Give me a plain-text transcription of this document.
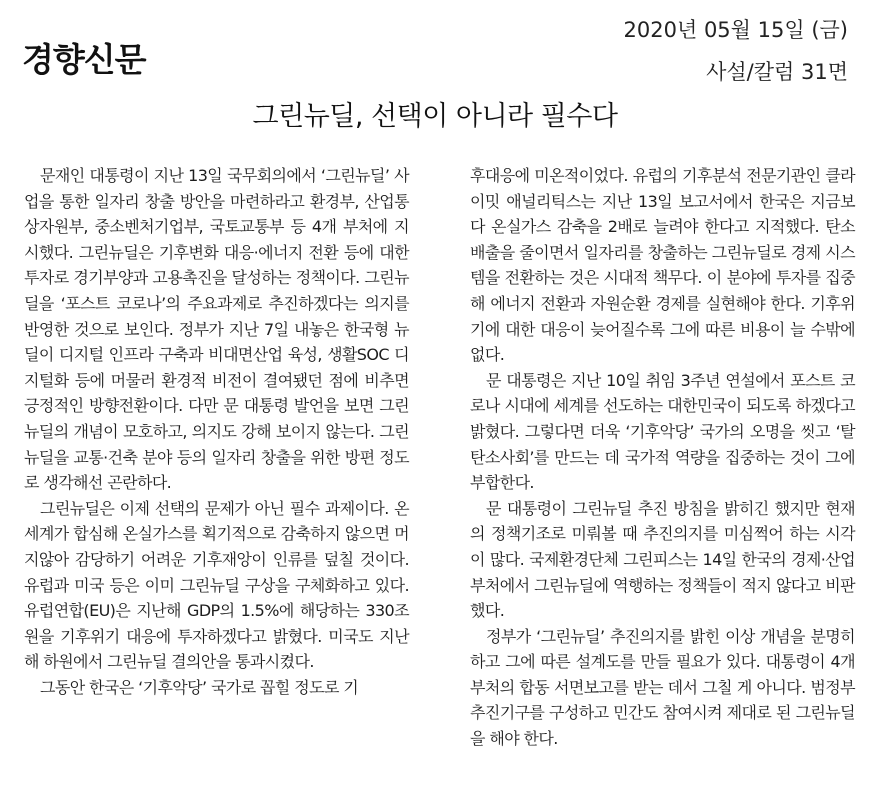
경향신문
2020년 05월 15일 (금)
사설/칼럼 31면
그린뉴딜, 선택이 아니라 필수다

문재인 대통령이 지난 13일 국무회의에서 ‘그린뉴딜’ 사업을 통한 일자리 창출 방안을 마련하라고 환경부, 산업통상자원부, 중소벤처기업부, 국토교통부 등 4개 부처에 지시했다. 그린뉴딜은 기후변화 대응·에너지 전환 등에 대한 투자로 경기부양과 고용촉진을 달성하는 정책이다. 그린뉴딜을 ‘포스트 코로나’의 주요과제로 추진하겠다는 의지를 반영한 것으로 보인다. 정부가 지난 7일 내놓은 한국형 뉴딜이 디지털 인프라 구축과 비대면산업 육성, 생활SOC 디지털화 등에 머물러 환경적 비전이 결여됐던 점에 비추면 긍정적인 방향전환이다. 다만 문 대통령 발언을 보면 그린뉴딜의 개념이 모호하고, 의지도 강해 보이지 않는다. 그린뉴딜을 교통·건축 분야 등의 일자리 창출을 위한 방편 정도로 생각해선 곤란하다.

그린뉴딜은 이제 선택의 문제가 아닌 필수 과제이다. 온 세계가 합심해 온실가스를 획기적으로 감축하지 않으면 머지않아 감당하기 어려운 기후재앙이 인류를 덮칠 것이다. 유럽과 미국 등은 이미 그린뉴딜 구상을 구체화하고 있다. 유럽연합(EU)은 지난해 GDP의 1.5%에 해당하는 330조원을 기후위기 대응에 투자하겠다고 밝혔다. 미국도 지난해 하원에서 그린뉴딜 결의안을 통과시켰다.

그동안 한국은 ‘기후악당’ 국가로 꼽힐 정도로 기

후대응에 미온적이었다. 유럽의 기후분석 전문기관인 클라이밋 애널리틱스는 지난 13일 보고서에서 한국은 지금보다 온실가스 감축을 2배로 늘려야 한다고 지적했다. 탄소배출을 줄이면서 일자리를 창출하는 그린뉴딜로 경제 시스템을 전환하는 것은 시대적 책무다. 이 분야에 투자를 집중해 에너지 전환과 자원순환 경제를 실현해야 한다. 기후위기에 대한 대응이 늦어질수록 그에 따른 비용이 늘 수밖에 없다.

문 대통령은 지난 10일 취임 3주년 연설에서 포스트 코로나 시대에 세계를 선도하는 대한민국이 되도록 하겠다고 밝혔다. 그렇다면 더욱 ‘기후악당’ 국가의 오명을 씻고 ‘탈탄소사회’를 만드는 데 국가적 역량을 집중하는 것이 그에 부합한다.

문 대통령이 그린뉴딜 추진 방침을 밝히긴 했지만 현재의 정책기조로 미뤄볼 때 추진의지를 미심쩍어 하는 시각이 많다. 국제환경단체 그린피스는 14일 한국의 경제·산업 부처에서 그린뉴딜에 역행하는 정책들이 적지 않다고 비판했다.

정부가 ‘그린뉴딜’ 추진의지를 밝힌 이상 개념을 분명히 하고 그에 따른 설계도를 만들 필요가 있다. 대통령이 4개 부처의 합동 서면보고를 받는 데서 그칠 게 아니다. 범정부 추진기구를 구성하고 민간도 참여시켜 제대로 된 그린뉴딜을 해야 한다.
